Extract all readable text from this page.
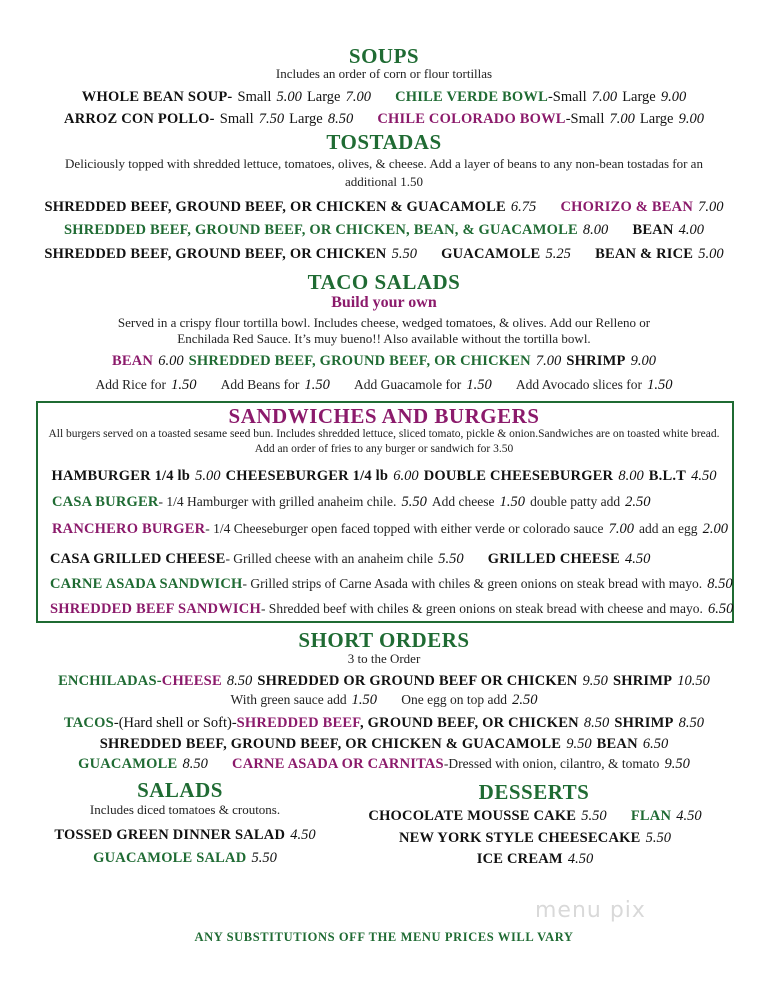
SOUPS
Includes an order of corn or flour tortillas
WHOLE BEAN SOUP- Small 5.00 Large 7.00 CHILE VERDE BOWL-Small 7.00 Large 9.00
ARROZ CON POLLO- Small 7.50 Large 8.50 CHILE COLORADO BOWL-Small 7.00 Large 9.00
TOSTADAS
Deliciously topped with shredded lettuce, tomatoes, olives, & cheese. Add a layer of beans to any non-bean tostadas for an
additional 1.50
SHREDDED BEEF, GROUND BEEF, OR CHICKEN & GUACAMOLE 6.75 CHORIZO & BEAN 7.00
SHREDDED BEEF, GROUND BEEF, OR CHICKEN, BEAN, & GUACAMOLE 8.00 BEAN 4.00
SHREDDED BEEF, GROUND BEEF, OR CHICKEN 5.50 GUACAMOLE 5.25 BEAN & RICE 5.00
TACO SALADS
Build your own
Served in a crispy flour tortilla bowl. Includes cheese, wedged tomatoes, & olives. Add our Relleno or
Enchilada Red Sauce. It’s muy bueno!! Also available without the tortilla bowl.
BEAN 6.00 SHREDDED BEEF, GROUND BEEF, OR CHICKEN 7.00 SHRIMP 9.00
Add Rice for 1.50 Add Beans for 1.50 Add Guacamole for 1.50 Add Avocado slices for 1.50
SANDWICHES AND BURGERS
All burgers served on a toasted sesame seed bun. Includes shredded lettuce, sliced tomato, pickle & onion.Sandwiches are on toasted white bread.
Add an order of fries to any burger or sandwich for 3.50
HAMBURGER 1/4 lb 5.00 CHEESEBURGER 1/4 lb 6.00 DOUBLE CHEESEBURGER 8.00 B.L.T 4.50
CASA BURGER- 1/4 Hamburger with grilled anaheim chile. 5.50 Add cheese 1.50 double patty add 2.50
RANCHERO BURGER- 1/4 Cheeseburger open faced topped with either verde or colorado sauce 7.00 add an egg 2.00
CASA GRILLED CHEESE- Grilled cheese with an anaheim chile 5.50 GRILLED CHEESE 4.50
CARNE ASADA SANDWICH- Grilled strips of Carne Asada with chiles & green onions on steak bread with mayo. 8.50
SHREDDED BEEF SANDWICH- Shredded beef with chiles & green onions on steak bread with cheese and mayo. 6.50
SHORT ORDERS
3 to the Order
ENCHILADAS-CHEESE 8.50 SHREDDED OR GROUND BEEF OR CHICKEN 9.50 SHRIMP 10.50
With green sauce add 1.50 One egg on top add 2.50
TACOS-(Hard shell or Soft)-SHREDDED BEEF, GROUND BEEF, OR CHICKEN 8.50 SHRIMP 8.50
SHREDDED BEEF, GROUND BEEF, OR CHICKEN & GUACAMOLE 9.50 BEAN 6.50
GUACAMOLE 8.50 CARNE ASADA OR CARNITAS-Dressed with onion, cilantro, & tomato 9.50
SALADS
Includes diced tomatoes & croutons.
TOSSED GREEN DINNER SALAD 4.50
GUACAMOLE SALAD 5.50
DESSERTS
CHOCOLATE MOUSSE CAKE 5.50 FLAN 4.50
NEW YORK STYLE CHEESECAKE 5.50
ICE CREAM 4.50
menu pix
ANY SUBSTITUTIONS OFF THE MENU PRICES WILL VARY
